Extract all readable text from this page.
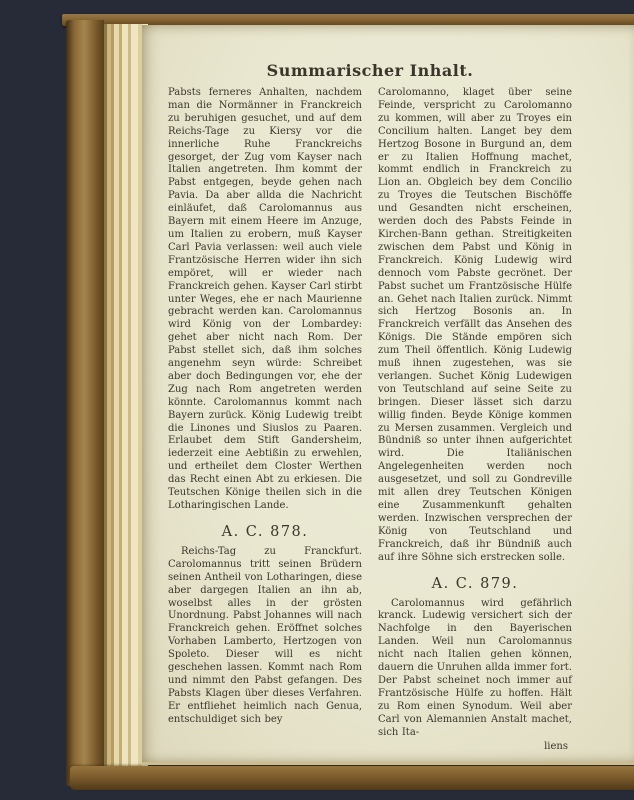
Summarischer Inhalt.

Pabsts ferneres Anhalten, nachdem man die Normänner in Franckreich zu beruhigen gesuchet, und auf dem Reichs-Tage zu Kiersy vor die innerliche Ruhe Franckreichs gesorget, der Zug vom Kayser nach Italien angetreten. Ihm kommt der Pabst entgegen, beyde gehen nach Pavia. Da aber allda die Nachricht einläufet, daß Carolomannus aus Bayern mit einem Heere im Anzuge, um Italien zu erobern, muß Kayser Carl Pavia verlassen: weil auch viele Frantzösische Herren wider ihn sich empöret, will er wieder nach Franckreich gehen. Kayser Carl stirbt unter Weges, ehe er nach Maurienne gebracht werden kan. Carolomannus wird König von der Lombardey: gehet aber nicht nach Rom. Der Pabst stellet sich, daß ihm solches angenehm seyn würde: Schreibet aber doch Bedingungen vor, ehe der Zug nach Rom angetreten werden könnte. Carolomannus kommt nach Bayern zurück. König Ludewig treibt die Linones und Siuslos zu Paaren. Erlaubet dem Stift Gandersheim, iederzeit eine Aebtißin zu erwehlen, und ertheilet dem Closter Werthen das Recht einen Abt zu erkiesen. Die Teutschen Könige theilen sich in die Lotharingischen Lande.

A. C. 878.

Reichs-Tag zu Franckfurt. Carolomannus tritt seinen Brüdern seinen Antheil von Lotharingen, diese aber dargegen Italien an ihn ab, woselbst alles in der grösten Unordnung. Pabst Johannes will nach Franckreich gehen. Eröffnet solches Vorhaben Lamberto, Hertzogen von Spoleto. Dieser will es nicht geschehen lassen. Kommt nach Rom und nimmt den Pabst gefangen. Des Pabsts Klagen über dieses Verfahren. Er entfliehet heimlich nach Genua, entschuldiget sich bey

Carolomanno, klaget über seine Feinde, verspricht zu Carolomanno zu kommen, will aber zu Troyes ein Concilium halten. Langet bey dem Hertzog Bosone in Burgund an, dem er zu Italien Hoffnung machet, kommt endlich in Franckreich zu Lion an. Obgleich bey dem Concilio zu Troyes die Teutschen Bischöffe und Gesandten nicht erscheinen, werden doch des Pabsts Feinde in Kirchen-Bann gethan. Streitigkeiten zwischen dem Pabst und König in Franckreich. König Ludewig wird dennoch vom Pabste gecrönet. Der Pabst suchet um Frantzösische Hülfe an. Gehet nach Italien zurück. Nimmt sich Hertzog Bosonis an. In Franckreich verfällt das Ansehen des Königs. Die Stände empören sich zum Theil öffentlich. König Ludewig muß ihnen zugestehen, was sie verlangen. Suchet König Ludewigen von Teutschland auf seine Seite zu bringen. Dieser lässet sich darzu willig finden. Beyde Könige kommen zu Mersen zusammen. Vergleich und Bündniß so unter ihnen aufgerichtet wird. Die Italiänischen Angelegenheiten werden noch ausgesetzet, und soll zu Gondreville mit allen drey Teutschen Königen eine Zusammenkunft gehalten werden. Inzwischen versprechen der König von Teutschland und Franckreich, daß ihr Bündniß auch auf ihre Söhne sich erstrecken solle.

A. C. 879.

Carolomannus wird gefährlich kranck. Ludewig versichert sich der Nachfolge in den Bayerischen Landen. Weil nun Carolomannus nicht nach Italien gehen können, dauern die Unruhen allda immer fort. Der Pabst scheinet noch immer auf Frantzösische Hülfe zu hoffen. Hält zu Rom einen Synodum. Weil aber Carl von Alemannien Anstalt machet, sich Ita-

liens
